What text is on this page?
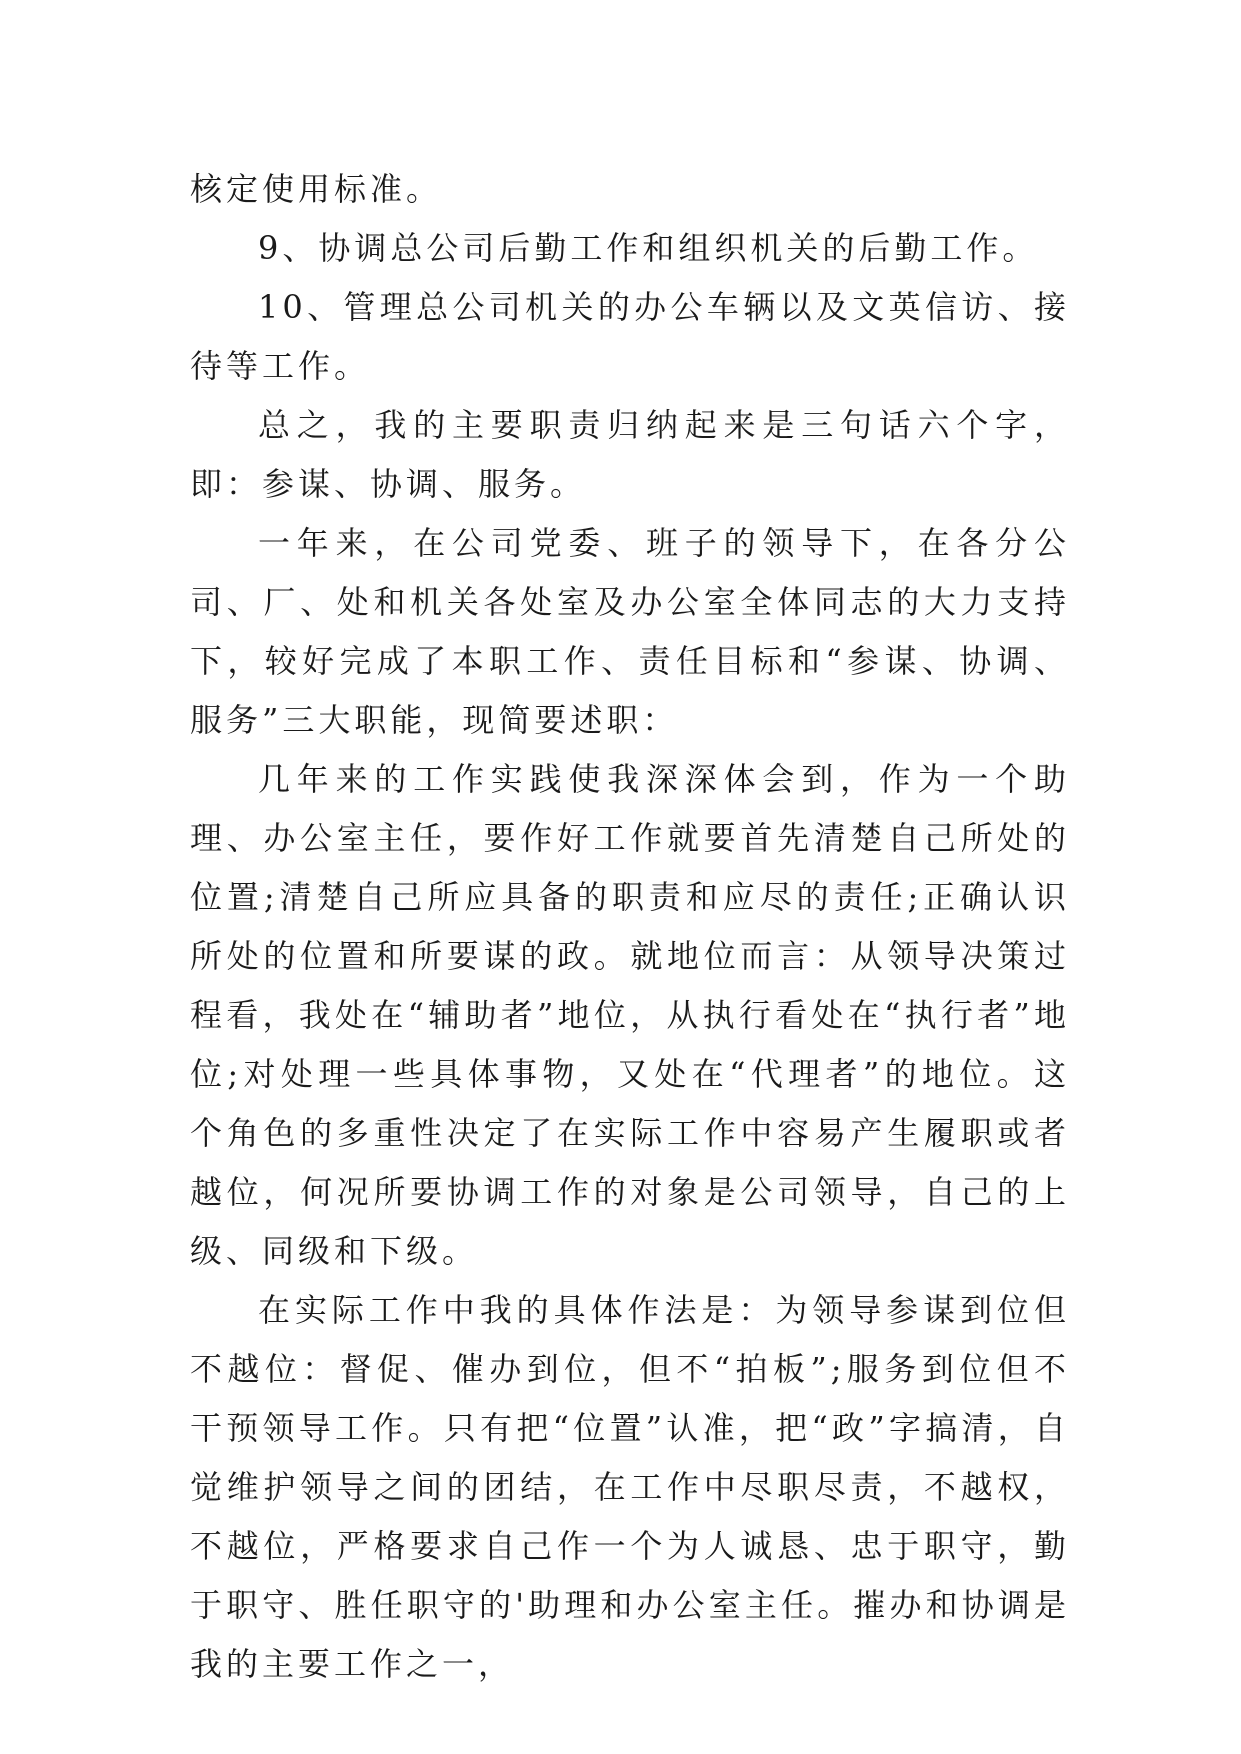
核定使用标准。

9、协调总公司后勤工作和组织机关的后勤工作。

10、管理总公司机关的办公车辆以及文英信访、接待等工作。

总之，我的主要职责归纳起来是三句话六个字，即：参谋、协调、服务。

一年来，在公司党委、班子的领导下，在各分公司、厂、处和机关各处室及办公室全体同志的大力支持下，较好完成了本职工作、责任目标和“参谋、协调、服务”三大职能，现简要述职：

几年来的工作实践使我深深体会到，作为一个助理、办公室主任，要作好工作就要首先清楚自己所处的位置;清楚自己所应具备的职责和应尽的责任;正确认识所处的位置和所要谋的政。就地位而言：从领导决策过程看，我处在“辅助者”地位，从执行看处在“执行者”地位;对处理一些具体事物，又处在“代理者”的地位。这个角色的多重性决定了在实际工作中容易产生履职或者越位，何况所要协调工作的对象是公司领导，自己的上级、同级和下级。

在实际工作中我的具体作法是：为领导参谋到位但不越位：督促、催办到位，但不“拍板”;服务到位但不干预领导工作。只有把“位置”认准，把“政”字搞清，自觉维护领导之间的团结，在工作中尽职尽责，不越权，不越位，严格要求自己作一个为人诚恳、忠于职守，勤于职守、胜任职守的'助理和办公室主任。摧办和协调是我的主要工作之一，
